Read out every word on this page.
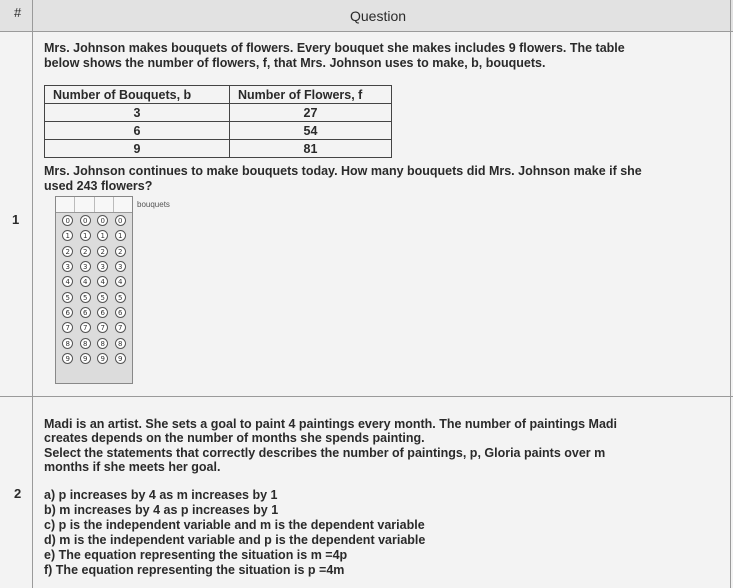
#	Question
1
Mrs. Johnson makes bouquets of flowers. Every bouquet she makes includes 9 flowers. The table
below shows the number of flowers, f, that Mrs. Johnson uses to make, b, bouquets.
Number of Bouquets, b	Number of Flowers, f
3	27
6	54
9	81
Mrs. Johnson continues to make bouquets today. How many bouquets did Mrs. Johnson make if she
used 243 flowers?
0	0	0	0
1	1	1	1
2	2	2	2
3	3	3	3
4	4	4	4
5	5	5	5
6	6	6	6
7	7	7	7
8	8	8	8
9	9	9	9
bouquets
2
Madi is an artist. She sets a goal to paint 4 paintings every month. The number of paintings Madi
creates depends on the number of months she spends painting.
Select the statements that correctly describes the number of paintings, p, Gloria paints over m
months if she meets her goal.
a) p increases by 4 as m increases by 1
b) m increases by 4 as p increases by 1
c) p is the independent variable and m is the dependent variable
d) m is the independent variable and p is the dependent variable
e) The equation representing the situation is m =4p
f) The equation representing the situation is p =4m
